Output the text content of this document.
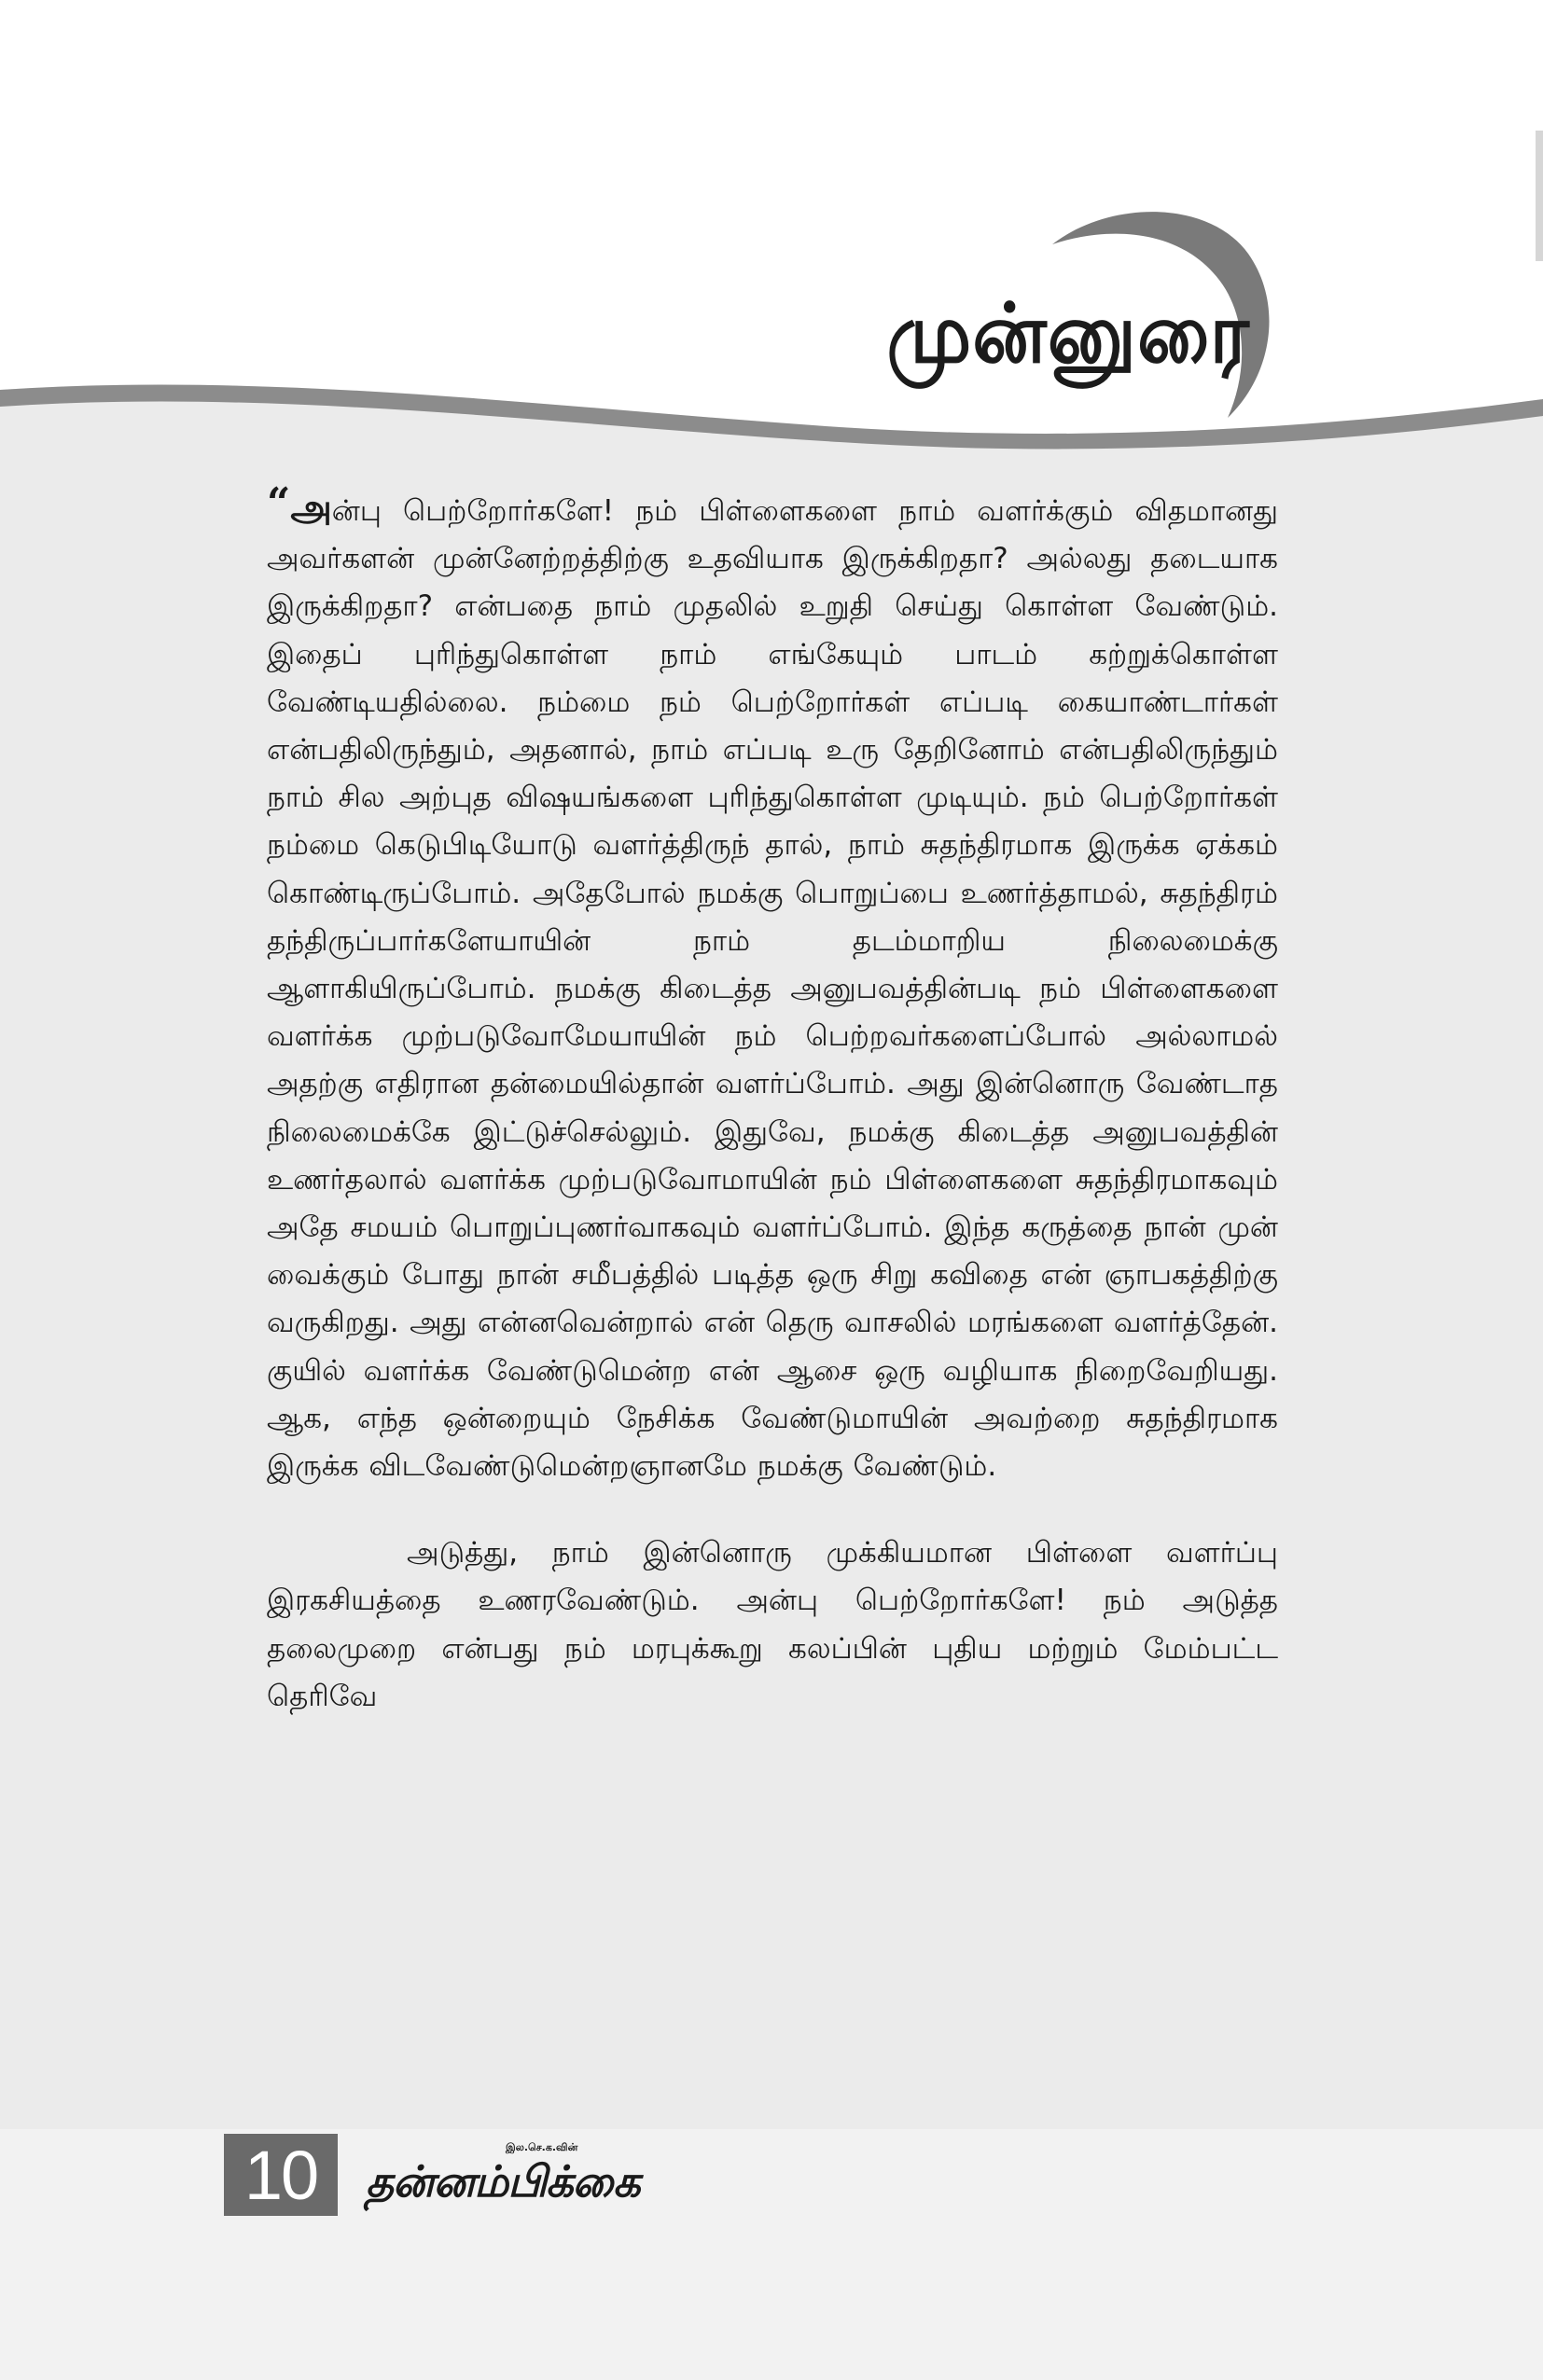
முன்னுரை

“அன்பு பெற்றோர்களே! நம் பிள்ளைகளை நாம் வளர்க்கும் விதமானது அவர்களன் முன்னேற்றத்திற்கு உதவியாக இருக்கிறதா? அல்லது தடையாக இருக்கிறதா? என்பதை நாம் முதலில் உறுதி செய்து கொள்ள வேண்டும். இதைப் புரிந்துகொள்ள நாம் எங்கேயும் பாடம் கற்றுக்கொள்ள வேண்டியதில்லை. நம்மை நம் பெற்றோர்கள் எப்படி கையாண்டார்கள் என்பதிலிருந்தும், அதனால், நாம் எப்படி உரு தேறினோம் என்பதிலிருந்தும் நாம் சில அற்புத விஷயங்களை புரிந்துகொள்ள முடியும். நம் பெற்றோர்கள் நம்மை கெடுபிடியோடு வளர்த்திருந் தால், நாம் சுதந்திரமாக இருக்க ஏக்கம் கொண்டிருப்போம். அதேபோல் நமக்கு பொறுப்பை உணர்த்தாமல், சுதந்திரம் தந்திருப்பார்களேயாயின் நாம் தடம்மாறிய நிலைமைக்கு ஆளாகியிருப்போம். நமக்கு கிடைத்த அனுபவத்தின்படி நம் பிள்ளைகளை வளர்க்க முற்படுவோமேயாயின் நம் பெற்றவர்களைப்போல் அல்லாமல் அதற்கு எதிரான தன்மையில்தான் வளர்ப்போம். அது இன்னொரு வேண்டாத நிலைமைக்கே இட்டுச்செல்லும். இதுவே, நமக்கு கிடைத்த அனுபவத்தின் உணர்தலால் வளர்க்க முற்படுவோமாயின் நம் பிள்ளைகளை சுதந்திரமாகவும் அதே சமயம் பொறுப்புணர்வாகவும் வளர்ப்போம். இந்த கருத்தை நான் முன் வைக்கும் போது நான் சமீபத்தில் படித்த ஒரு சிறு கவிதை என் ஞாபகத்திற்கு வருகிறது. அது என்னவென்றால் என் தெரு வாசலில் மரங்களை வளர்த்தேன். குயில் வளர்க்க வேண்டுமென்ற என் ஆசை ஒரு வழியாக நிறைவேறியது. ஆக, எந்த ஒன்றையும் நேசிக்க வேண்டுமாயின் அவற்றை சுதந்திரமாக இருக்க விடவேண்டுமென்றஞானமே நமக்கு வேண்டும்.

அடுத்து, நாம் இன்னொரு முக்கியமான பிள்ளை வளர்ப்பு இரகசியத்தை உணரவேண்டும். அன்பு பெற்றோர்களே! நம் அடுத்த தலைமுறை என்பது நம் மரபுக்கூறு கலப்பின் புதிய மற்றும் மேம்பட்ட தெரிவே

10	இல.செ.க.வின்
தன்னம்பிக்கை
